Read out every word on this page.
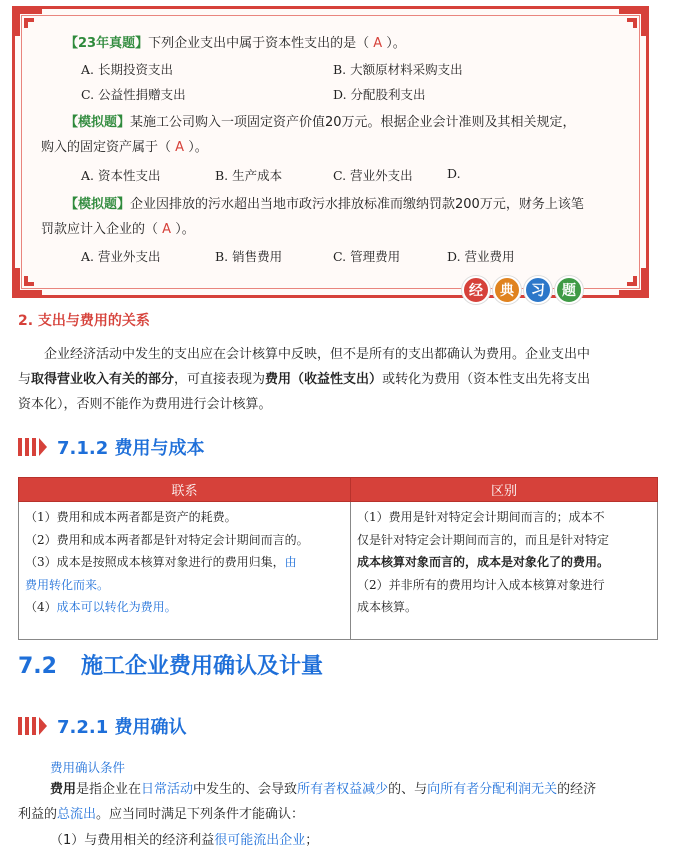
【23年真题】下列企业支出中属于资本性支出的是（ A ）。
A. 长期投资支出	B. 大额原材料采购支出
C. 公益性捐赠支出	D. 分配股利支出
【模拟题】某施工公司购入一项固定资产价值20万元。根据企业会计准则及其相关规定，
购入的固定资产属于（ A ）。
A. 资本性支出	B. 生产成本	C. 营业外支出	D.
【模拟题】企业因排放的污水超出当地市政污水排放标准而缴纳罚款200万元，财务上该笔
罚款应计入企业的（ A ）。
A. 营业外支出	B. 销售费用	C. 管理费用	D. 营业费用
经	典	习	题
2. 支出与费用的关系
企业经济活动中发生的支出应在会计核算中反映，但不是所有的支出都确认为费用。企业支出中
与取得营业收入有关的部分，可直接表现为费用（收益性支出）或转化为费用（资本性支出先将支出
资本化），否则不能作为费用进行会计核算。
7.1.2 费用与成本
联系	区别

（1）费用和成本两者都是资产的耗费。
（2）费用和成本两者都是针对特定会计期间而言的。
（3）成本是按照成本核算对象进行的费用归集，由
费用转化而来。
（4）成本可以转化为费用。	（1）费用是针对特定会计期间而言的；成本不
仅是针对特定会计期间而言的，而且是针对特定
成本核算对象而言的，成本是对象化了的费用。
（2）并非所有的费用均计入成本核算对象进行
成本核算。
7.2 施工企业费用确认及计量
7.2.1 费用确认
费用确认条件
费用是指企业在日常活动中发生的、会导致所有者权益减少的、与向所有者分配利润无关的经济
利益的总流出。应当同时满足下列条件才能确认：
（1）与费用相关的经济利益很可能流出企业；
